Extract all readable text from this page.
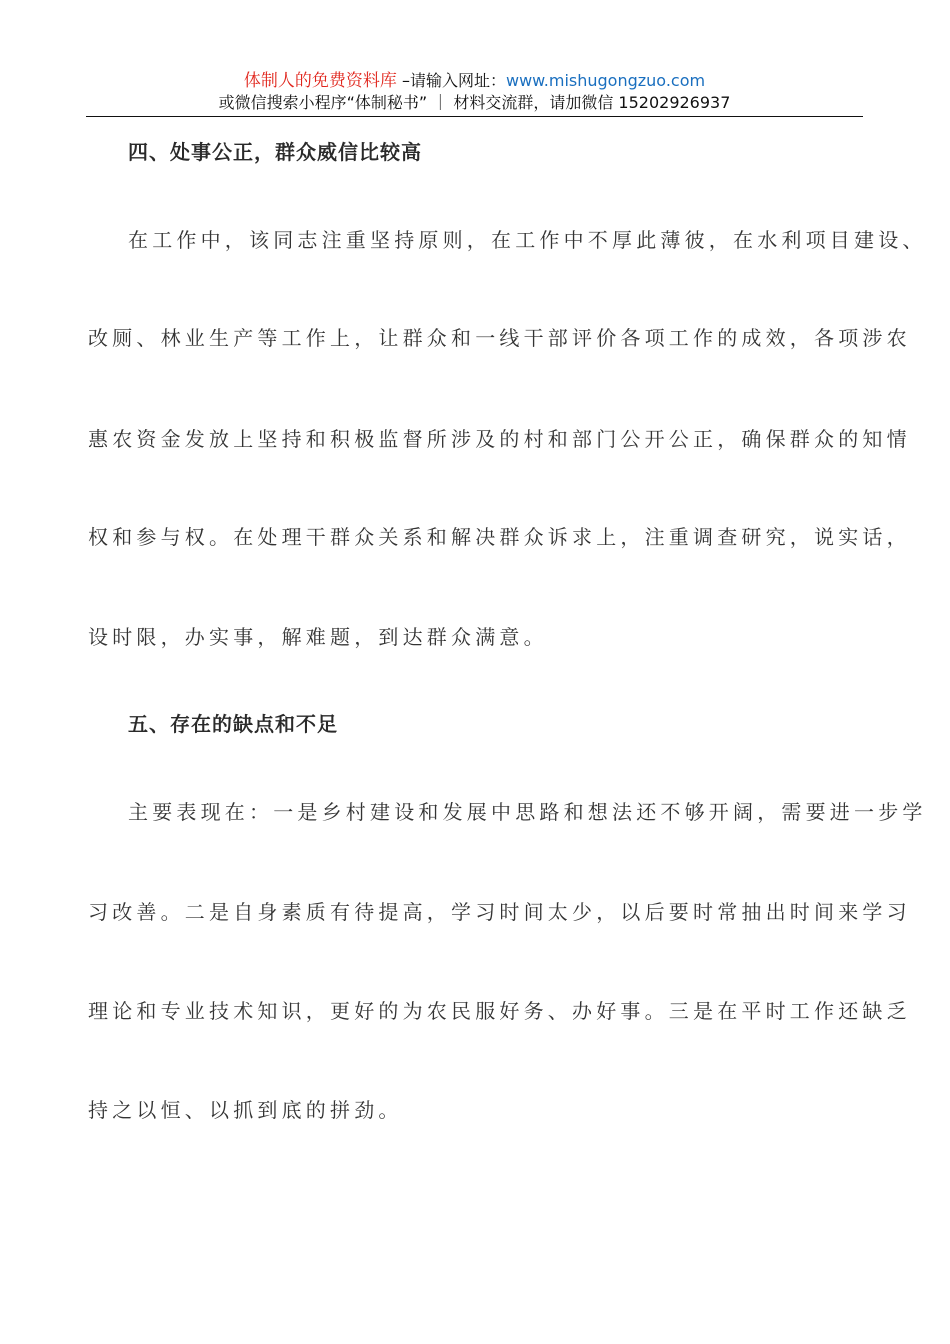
体制人的免费资料库 –请输入网址：www.mishugongzuo.com
或微信搜索小程序“体制秘书” ｜ 材料交流群，请加微信 15202926937
四、处事公正，群众威信比较高
在工作中，该同志注重坚持原则，在工作中不厚此薄彼，在水利项目建设、
改厕、林业生产等工作上，让群众和一线干部评价各项工作的成效，各项涉农
惠农资金发放上坚持和积极监督所涉及的村和部门公开公正，确保群众的知情
权和参与权。在处理干群众关系和解决群众诉求上，注重调查研究，说实话，
设时限，办实事，解难题，到达群众满意。
五、存在的缺点和不足
主要表现在：一是乡村建设和发展中思路和想法还不够开阔，需要进一步学
习改善。二是自身素质有待提高，学习时间太少，以后要时常抽出时间来学习
理论和专业技术知识，更好的为农民服好务、办好事。三是在平时工作还缺乏
持之以恒、以抓到底的拼劲。
